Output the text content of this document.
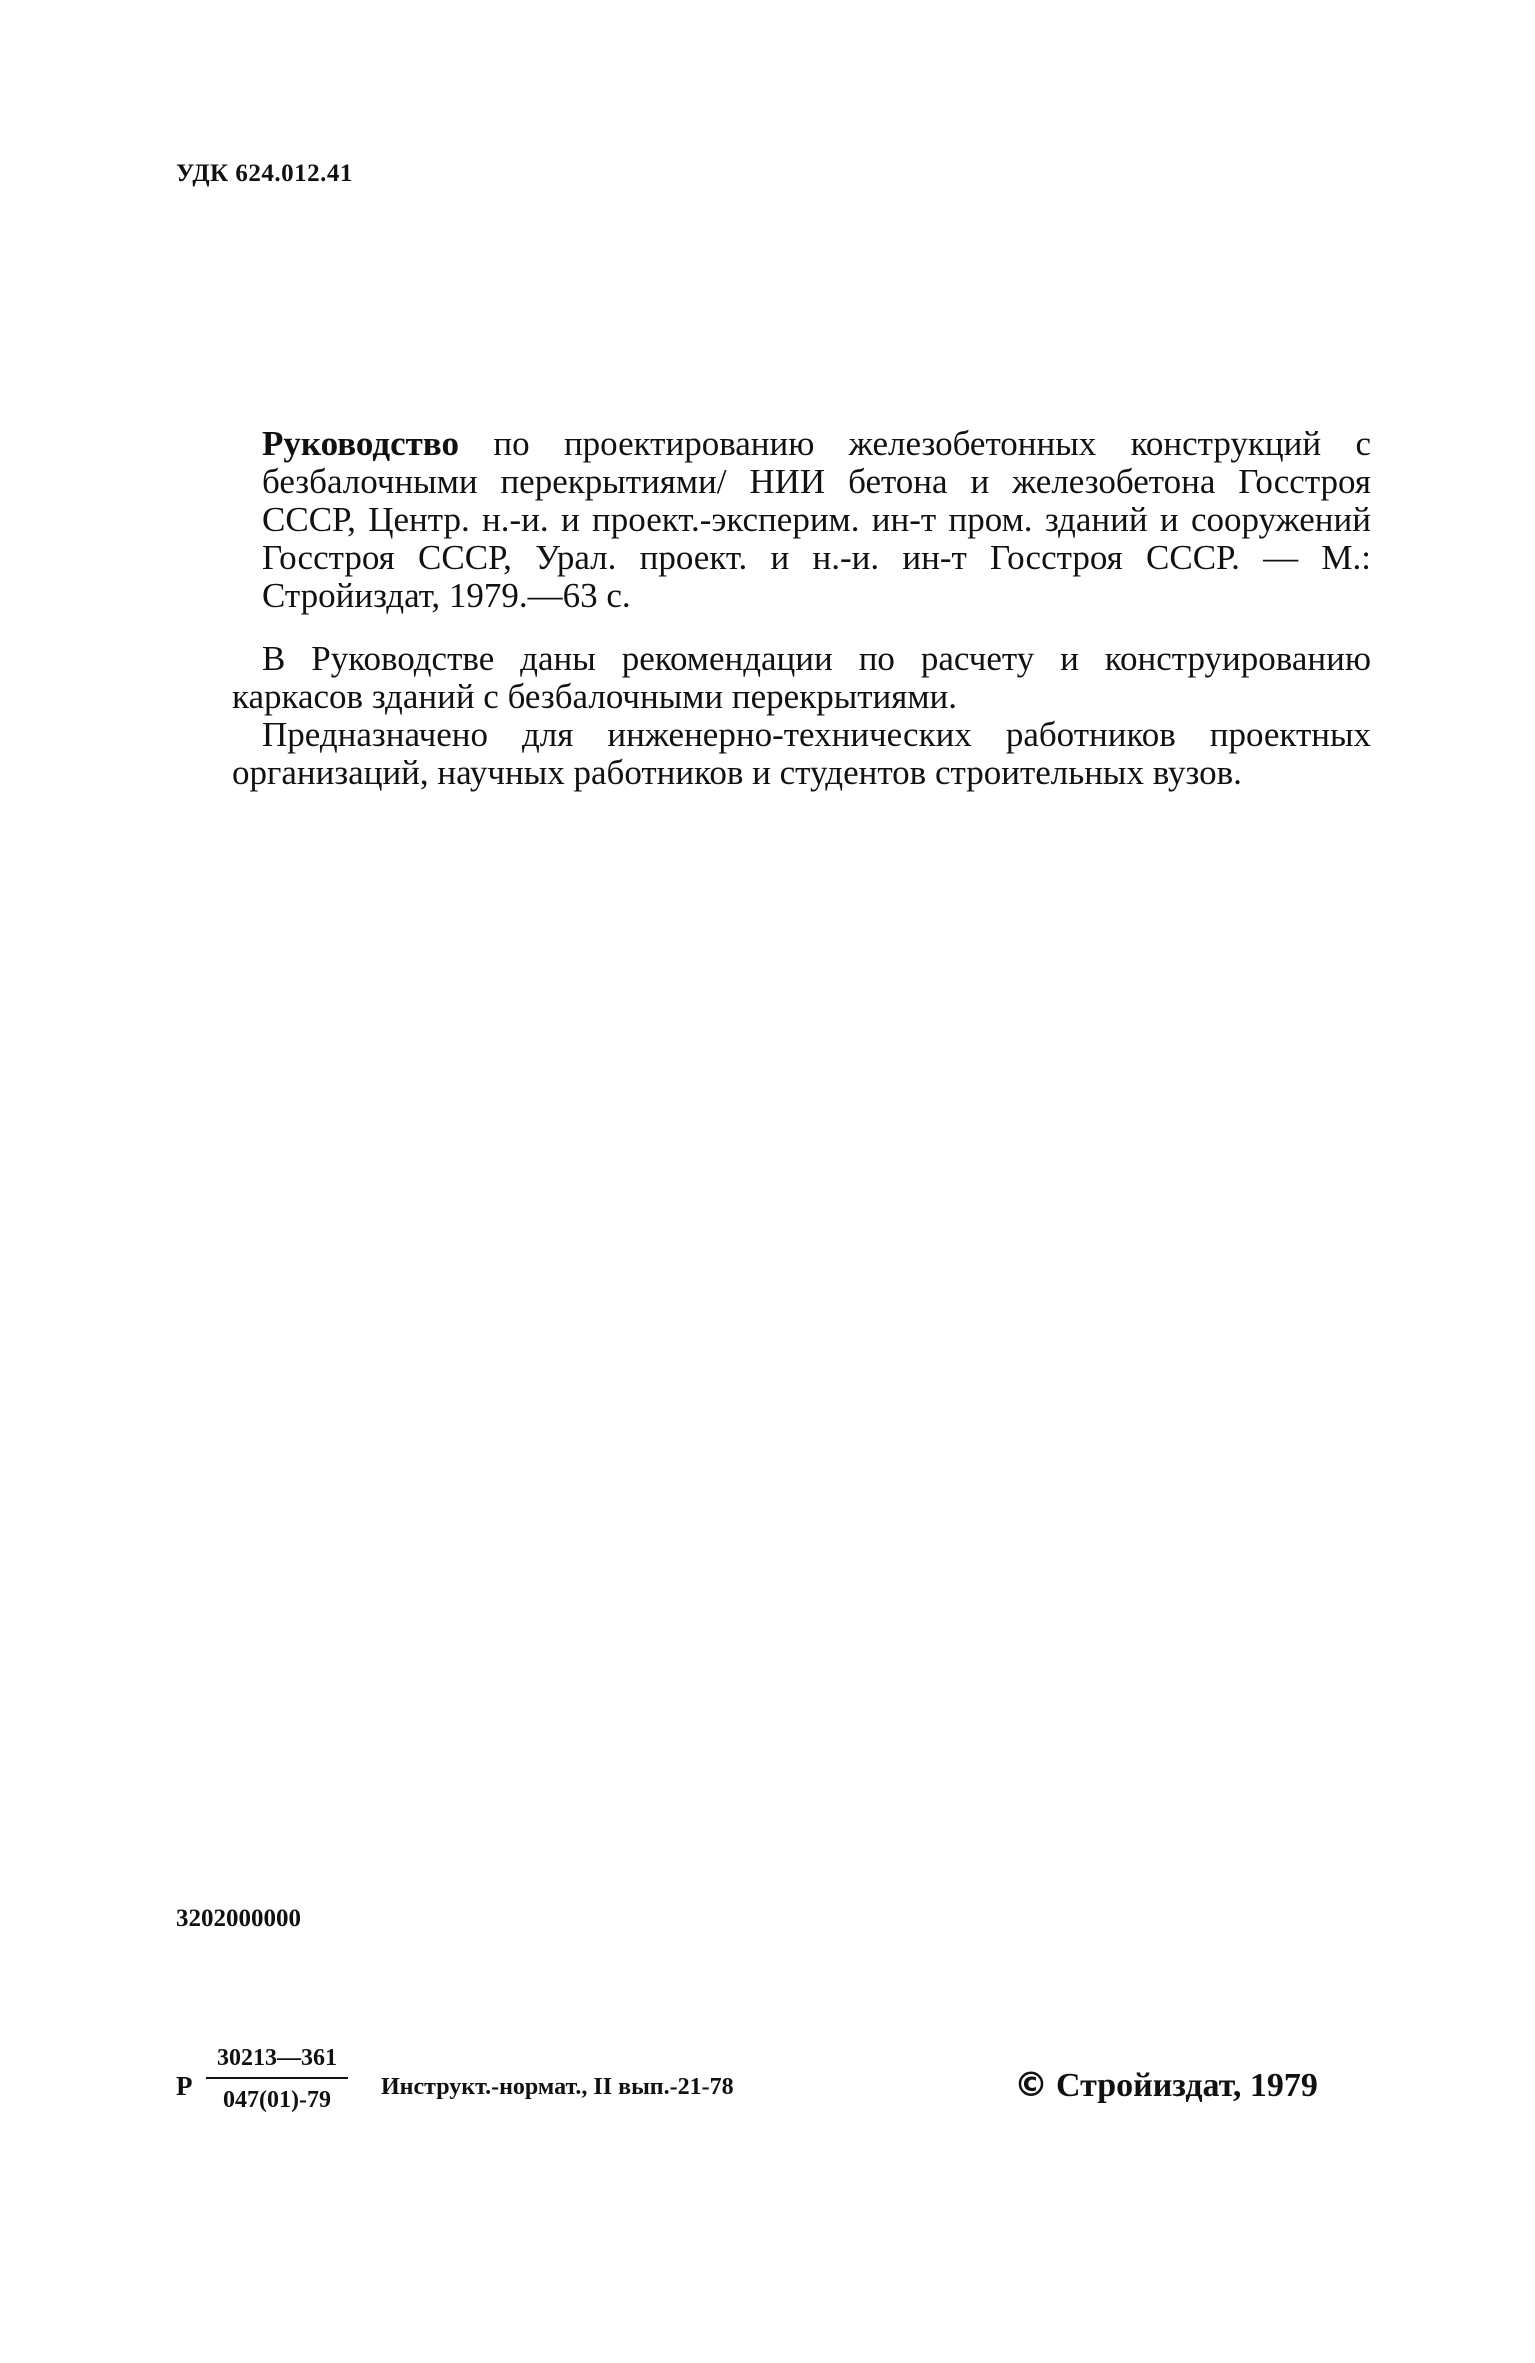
УДК 624.012.41

Руководство по проектированию железобетонных конструкций с безбалочными перекрытиями/ НИИ бетона и железобетона Госстроя СССР, Центр. н.-и. и проект.-эксперим. ин-т пром. зданий и сооружений Госстроя СССР, Урал. проект. и н.-и. ин-т Госстроя СССР. — М.: Стройиздат, 1979.—63 с.

В Руководстве даны рекомендации по расчету и конструированию каркасов зданий с безбалочными перекрытиями.

Предназначено для инженерно-технических работников проектных организаций, научных работников и студентов строительных вузов.

3202000000
Р
30213—361
047(01)-79	Инструкт.-нормат., II вып.-21-78	© Стройиздат, 1979
